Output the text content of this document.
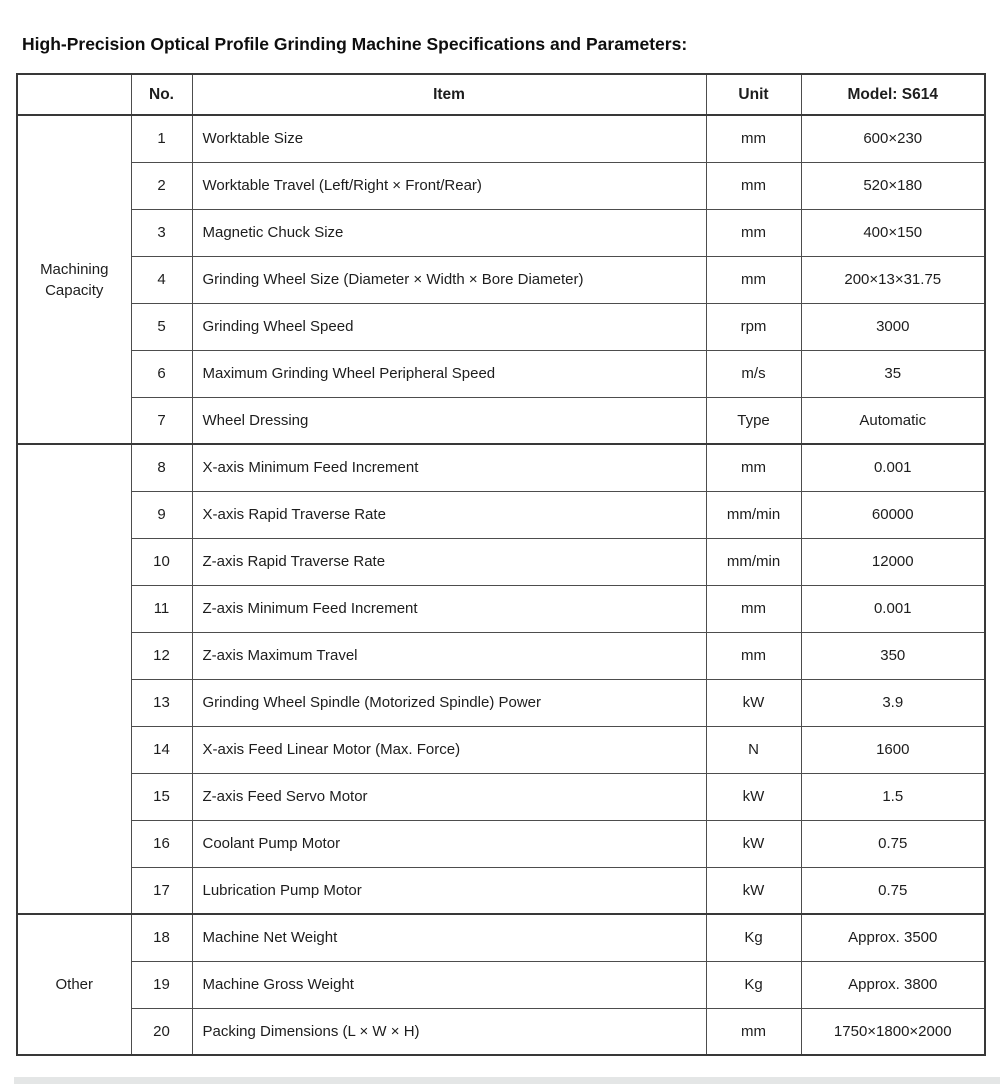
High-Precision Optical Profile Grinding Machine Specifications and Parameters:
	No.	Item	Unit	Model: S614
Machining Capacity	1	Worktable Size	mm	600×230
	2	Worktable Travel (Left/Right × Front/Rear)	mm	520×180
	3	Magnetic Chuck Size	mm	400×150
	4	Grinding Wheel Size (Diameter × Width × Bore Diameter)	mm	200×13×31.75
	5	Grinding Wheel Speed	rpm	3000
	6	Maximum Grinding Wheel Peripheral Speed	m/s	35
	7	Wheel Dressing	Type	Automatic
	8	X-axis Minimum Feed Increment	mm	0.001
	9	X-axis Rapid Traverse Rate	mm/min	60000
	10	Z-axis Rapid Traverse Rate	mm/min	12000
	11	Z-axis Minimum Feed Increment	mm	0.001
	12	Z-axis Maximum Travel	mm	350
	13	Grinding Wheel Spindle (Motorized Spindle) Power	kW	3.9
	14	X-axis Feed Linear Motor (Max. Force)	N	1600
	15	Z-axis Feed Servo Motor	kW	1.5
	16	Coolant Pump Motor	kW	0.75
	17	Lubrication Pump Motor	kW	0.75
Other	18	Machine Net Weight	Kg	Approx. 3500
	19	Machine Gross Weight	Kg	Approx. 3800
	20	Packing Dimensions (L × W × H)	mm	1750×1800×2000
